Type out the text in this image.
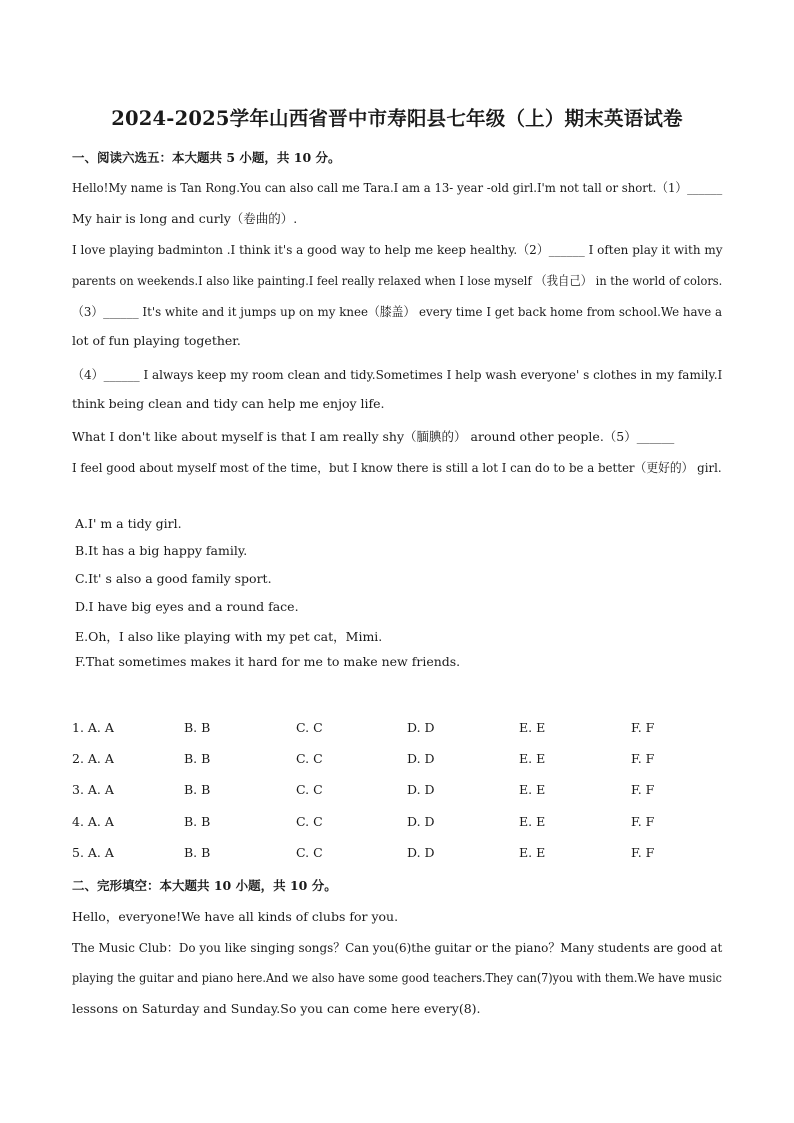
2024-2025学年山西省晋中市寿阳县七年级（上）期末英语试卷
一、阅读六选五：本大题共 5 小题，共 10 分。
Hello!My name is Tan Rong.You can also call me Tara.I am a 13- year -old girl.I'm not tall or short.（1）______
My hair is long and curly（卷曲的）.
I love playing badminton .I think it's a good way to help me keep healthy.（2）______ I often play it with my
parents on weekends.I also like painting.I feel really relaxed when I lose myself （我自己） in the world of colors.
（3）______ It's white and it jumps up on my knee（膝盖） every time I get back home from school.We have a
lot of fun playing together.
（4）______ I always keep my room clean and tidy.Sometimes I help wash everyone' s clothes in my family.I
think being clean and tidy can help me enjoy life.
What I don't like about myself is that I am really shy（腼腆的） around other people.（5）______
I feel good about myself most of the time，but I know there is still a lot I can do to be a better（更好的） girl.
A.I' m a tidy girl.
B.It has a big happy family.
C.It' s also a good family sport.
D.I have big eyes and a round face.
E.Oh，I also like playing with my pet cat，Mimi.
F.That sometimes makes it hard for me to make new friends.
1. A. A	B. B	C. C	D. D	E. E	F. F
2. A. A	B. B	C. C	D. D	E. E	F. F
3. A. A	B. B	C. C	D. D	E. E	F. F
4. A. A	B. B	C. C	D. D	E. E	F. F
5. A. A	B. B	C. C	D. D	E. E	F. F
二、完形填空：本大题共 10 小题，共 10 分。
Hello，everyone!We have all kinds of clubs for you.
The Music Club：Do you like singing songs？Can you(6)the guitar or the piano？Many students are good at
playing the guitar and piano here.And we also have some good teachers.They can(7)you with them.We have music
lessons on Saturday and Sunday.So you can come here every(8).
